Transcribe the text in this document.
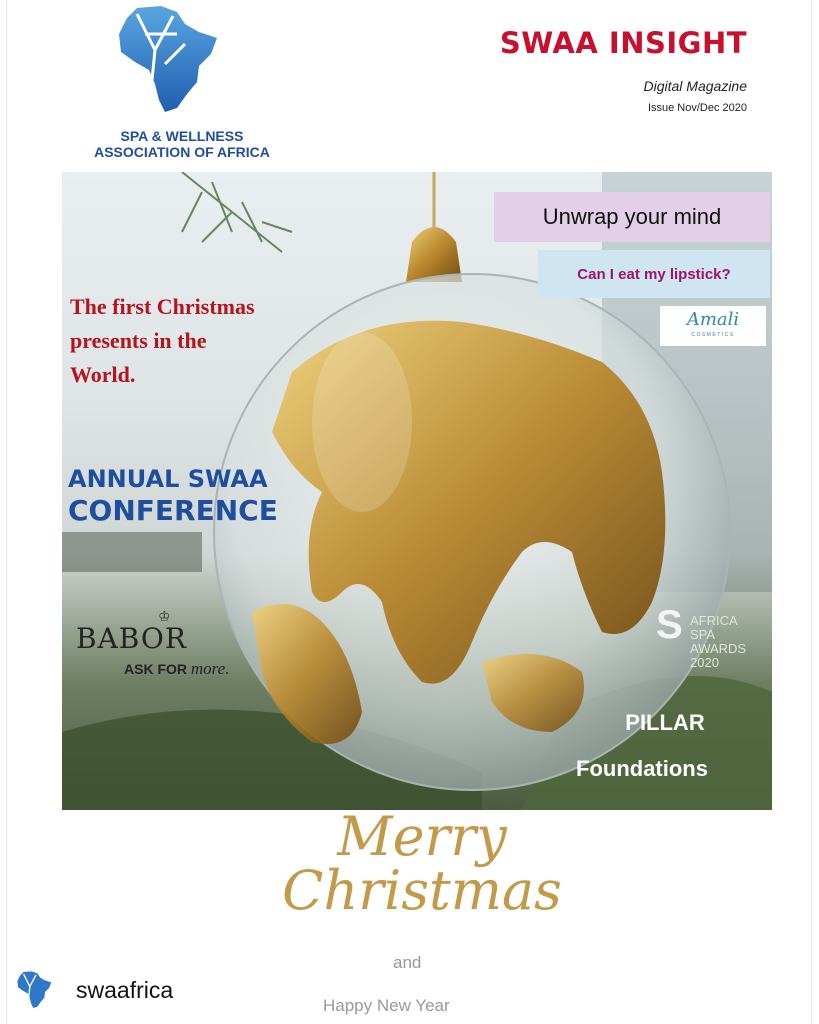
SPA & WELLNESS
ASSOCIATION OF AFRICA
SWAA INSIGHT
Digital Magazine
Issue Nov/Dec 2020
Unwrap your mind
Can I eat my lipstick?
Amali
COSMETICS
The first Christmas
presents in the
World.
ANNUAL SWAA
CONFERENCE
♔
BABOR
ASK FOR more.
S AFRICA
SPA
AWARDS
2020
PILLAR
Foundations
Merry
Christmas
and
Happy New Year
swaafrica
